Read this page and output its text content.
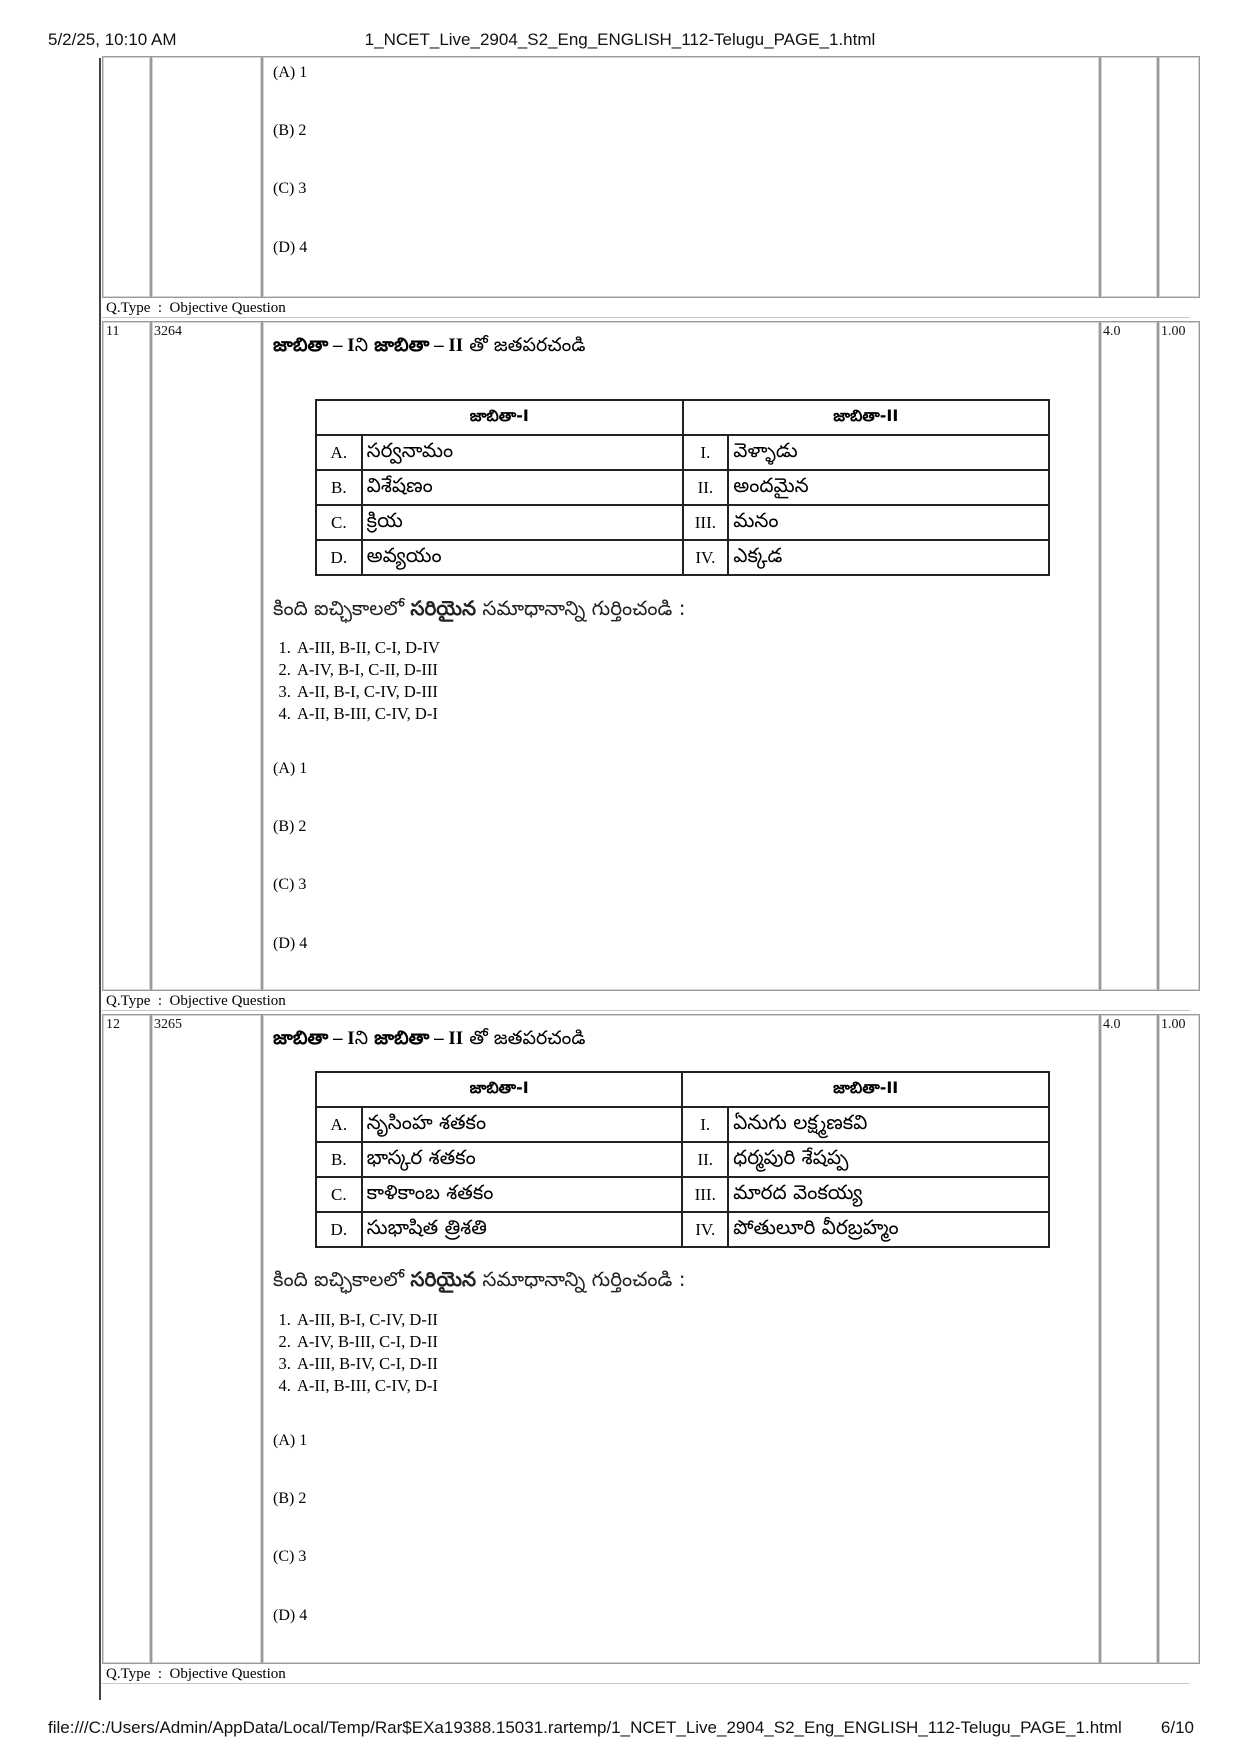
5/2/25, 10:10 AM	1_NCET_Live_2904_S2_Eng_ENGLISH_112-Telugu_PAGE_1.html
(A) 1
(B) 2
(C) 3
(D) 4
Q.Type  :  Objective Question
11 3264	4.0	1.00
జాబితా – Iని జాబితా – II తో జతపరచండి
జాబితా-I		జాబితా-II	
A.	సర్వనామం	I.	వెళ్ళాడు
B.	విశేషణం	II.	అందమైన
C.	క్రియ	III.	మనం
D.	అవ్యయం	IV.	ఎక్కడ
కింది ఐచ్ఛికాలలో సరియైన సమాధానాన్ని గుర్తించండి :
1. A-III, B-II, C-I, D-IV
2. A-IV, B-I, C-II, D-III
3. A-II, B-I, C-IV, D-III
4. A-II, B-III, C-IV, D-I
(A) 1
(B) 2
(C) 3
(D) 4
Q.Type  :  Objective Question
12 3265	4.0	1.00
జాబితా – Iని జాబితా – II తో జతపరచండి
జాబితా-I		జాబితా-II	
A.	నృసింహ శతకం	I.	ఏనుగు లక్ష్మణకవి
B.	భాస్కర శతకం	II.	ధర్మపురి శేషప్ప
C.	కాళికాంబ శతకం	III.	మారద వెంకయ్య
D.	సుభాషిత త్రిశతి	IV.	పోతులూరి వీరబ్రహ్మం
కింది ఐచ్ఛికాలలో సరియైన సమాధానాన్ని గుర్తించండి :
1. A-III, B-I, C-IV, D-II
2. A-IV, B-III, C-I, D-II
3. A-III, B-IV, C-I, D-II
4. A-II, B-III, C-IV, D-I
(A) 1
(B) 2
(C) 3
(D) 4
Q.Type  :  Objective Question
file:///C:/Users/Admin/AppData/Local/Temp/Rar$EXa19388.15031.rartemp/1_NCET_Live_2904_S2_Eng_ENGLISH_112-Telugu_PAGE_1.html 6/10
